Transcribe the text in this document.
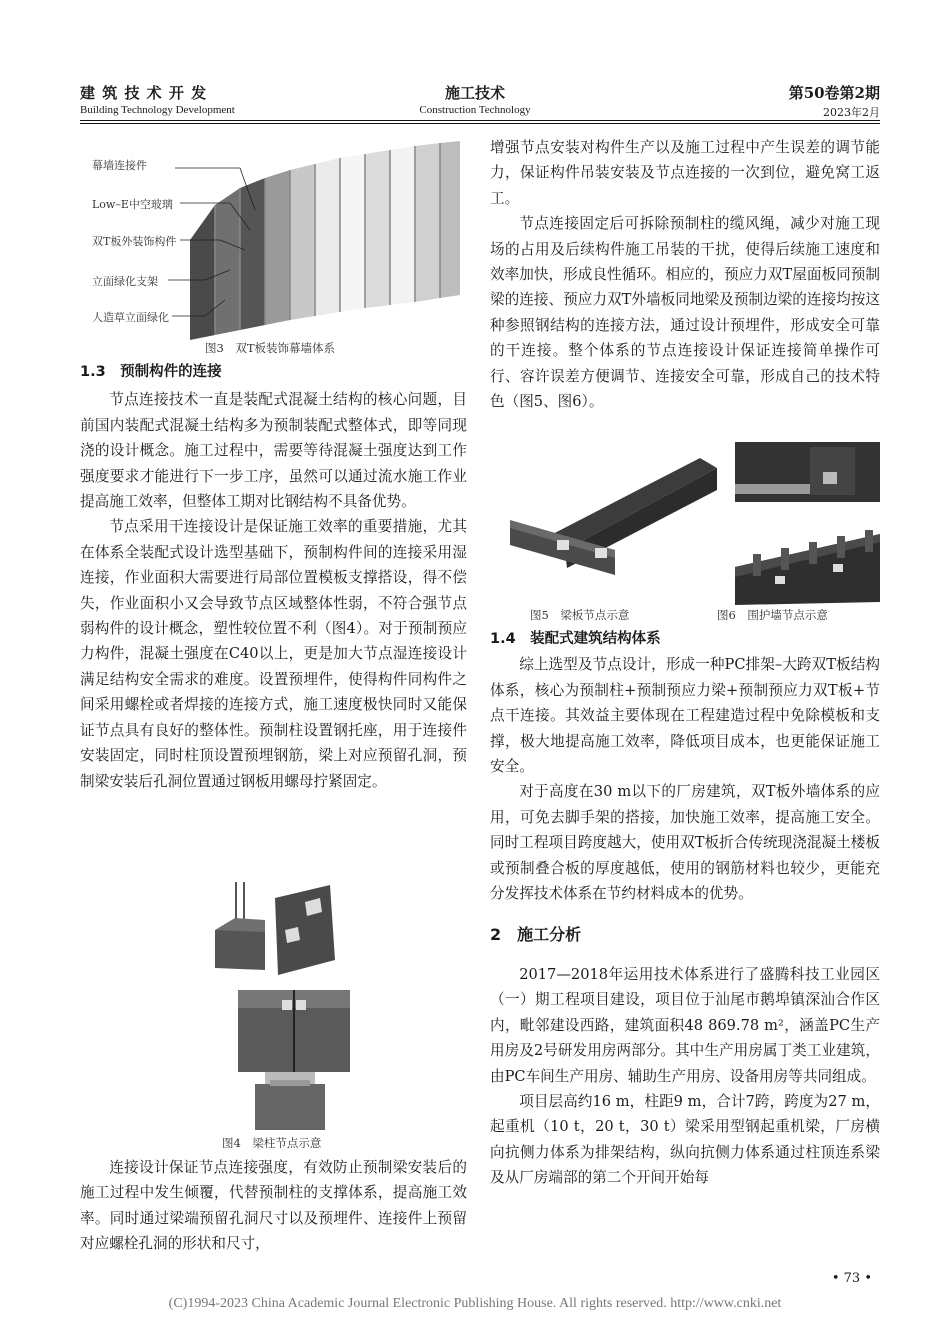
建 筑 技 术 开 发
Building Technology Development
施工技术
Construction Technology
第50卷第2期
2023年2月
幕墙连接件
Low–E中空玻璃
双T板外装饰构件
立面绿化支架
人造草立面绿化
图3　双T板装饰幕墙体系
1.3　预制构件的连接

节点连接技术一直是装配式混凝土结构的核心问题，目前国内装配式混凝土结构多为预制装配式整体式，即等同现浇的设计概念。施工过程中，需要等待混凝土强度达到工作强度要求才能进行下一步工序，虽然可以通过流水施工作业提高施工效率，但整体工期对比钢结构不具备优势。

节点采用干连接设计是保证施工效率的重要措施，尤其在体系全装配式设计选型基础下，预制构件间的连接采用湿连接，作业面积大需要进行局部位置模板支撑搭设，得不偿失，作业面积小又会导致节点区域整体性弱，不符合强节点弱构件的设计概念，塑性较位置不利（图4）。对于预制预应力构件，混凝土强度在C40以上，更是加大节点湿连接设计满足结构安全需求的难度。设置预埋件，使得构件同构件之间采用螺栓或者焊接的连接方式，施工速度极快同时又能保证节点具有良好的整体性。预制柱设置钢托座，用于连接件安装固定，同时柱顶设置预埋钢筋，梁上对应预留孔洞，预制梁安装后孔洞位置通过钢板用螺母拧紧固定。

图4　梁柱节点示意

连接设计保证节点连接强度，有效防止预制梁安装后的施工过程中发生倾覆，代替预制柱的支撑体系，提高施工效率。同时通过梁端预留孔洞尺寸以及预埋件、连接件上预留对应螺栓孔洞的形状和尺寸，

增强节点安装对构件生产以及施工过程中产生误差的调节能力，保证构件吊装安装及节点连接的一次到位，避免窝工返工。

节点连接固定后可拆除预制柱的缆风绳，减少对施工现场的占用及后续构件施工吊装的干扰，使得后续施工速度和效率加快，形成良性循环。相应的，预应力双T屋面板同预制梁的连接、预应力双T外墙板同地梁及预制边梁的连接均按这种参照钢结构的连接方法，通过设计预埋件，形成安全可靠的干连接。整个体系的节点连接设计保证连接简单操作可行、容许误差方便调节、连接安全可靠，形成自己的技术特色（图5、图6）。

图5　梁板节点示意	图6　围护墙节点示意
1.4　装配式建筑结构体系

综上选型及节点设计，形成一种PC排架–大跨双T板结构体系，核心为预制柱+预制预应力梁+预制预应力双T板+节点干连接。其效益主要体现在工程建造过程中免除模板和支撑，极大地提高施工效率，降低项目成本，也更能保证施工安全。

对于高度在30 m以下的厂房建筑，双T板外墙体系的应用，可免去脚手架的搭接，加快施工效率，提高施工安全。同时工程项目跨度越大，使用双T板折合传统现浇混凝土楼板或预制叠合板的厚度越低，使用的钢筋材料也较少，更能充分发挥技术体系在节约材料成本的优势。

2　施工分析

2017—2018年运用技术体系进行了盛腾科技工业园区（一）期工程项目建设，项目位于汕尾市鹅埠镇深汕合作区内，毗邻建设西路，建筑面积48 869.78 m²，涵盖PC生产用房及2号研发用房两部分。其中生产用房属丁类工业建筑，由PC车间生产用房、辅助生产用房、设备用房等共同组成。

项目层高约16 m，柱距9 m，合计7跨，跨度为27 m，起重机（10 t，20 t，30 t）梁采用型钢起重机梁，厂房横向抗侧力体系为排架结构，纵向抗侧力体系通过柱顶连系梁及从厂房端部的第二个开间开始每

• 73 •
(C)1994-2023 China Academic Journal Electronic Publishing House. All rights reserved. http://www.cnki.net
